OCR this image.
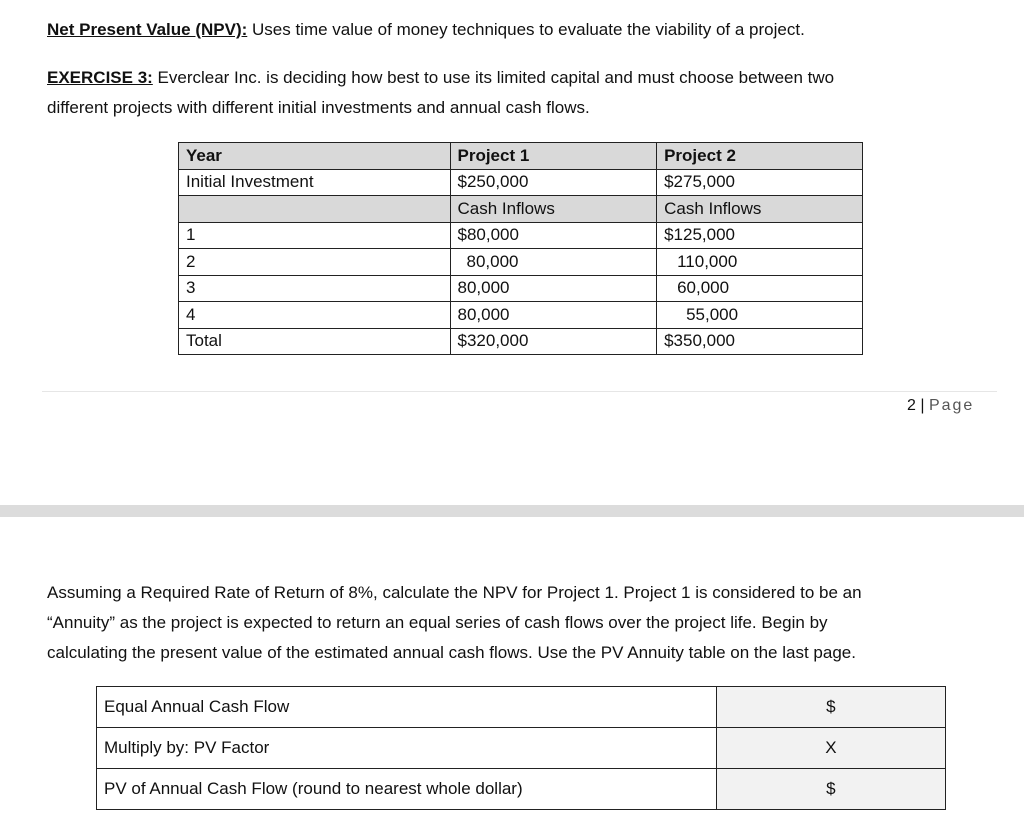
Net Present Value (NPV): Uses time value of money techniques to evaluate the viability of a project.
EXERCISE 3: Everclear Inc. is deciding how best to use its limited capital and must choose between two
different projects with different initial investments and annual cash flows.
Year	Project 1	Project 2
Initial Investment	$250,000	$275,000
	Cash Inflows	Cash Inflows
1	$80,000	$125,000
2	80,000	110,000
3	80,000	60,000
4	80,000	55,000
Total	$320,000	$350,000
2 | Page
Assuming a Required Rate of Return of 8%, calculate the NPV for Project 1. Project 1 is considered to be an
“Annuity” as the project is expected to return an equal series of cash flows over the project life. Begin by
calculating the present value of the estimated annual cash flows. Use the PV Annuity table on the last page.
Equal Annual Cash Flow	$
Multiply by: PV Factor	X
PV of Annual Cash Flow (round to nearest whole dollar)	$
